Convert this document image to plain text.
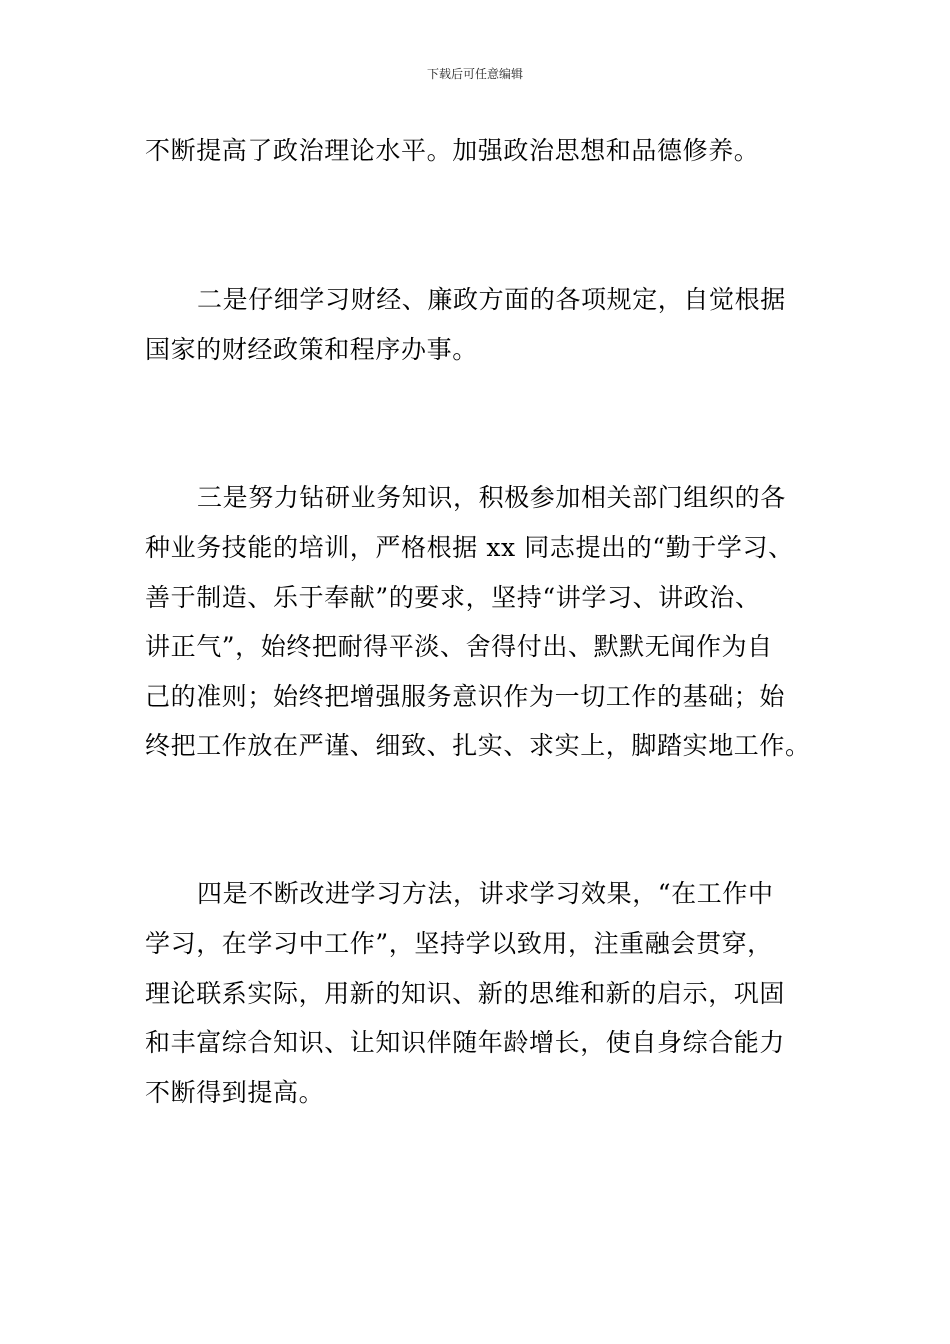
下载后可任意编辑
不断提高了政治理论水平。加强政治思想和品德修养。
二是仔细学习财经、廉政方面的各项规定，自觉根据
国家的财经政策和程序办事。
三是努力钻研业务知识，积极参加相关部门组织的各
种业务技能的培训，严格根据 xx 同志提出的“勤于学习、
善于制造、乐于奉献”的要求，坚持“讲学习、讲政治、
讲正气”，始终把耐得平淡、舍得付出、默默无闻作为自
己的准则；始终把增强服务意识作为一切工作的基础；始
终把工作放在严谨、细致、扎实、求实上，脚踏实地工作。
四是不断改进学习方法，讲求学习效果，“在工作中
学习，在学习中工作”，坚持学以致用，注重融会贯穿，
理论联系实际，用新的知识、新的思维和新的启示，巩固
和丰富综合知识、让知识伴随年龄增长，使自身综合能力
不断得到提高。
